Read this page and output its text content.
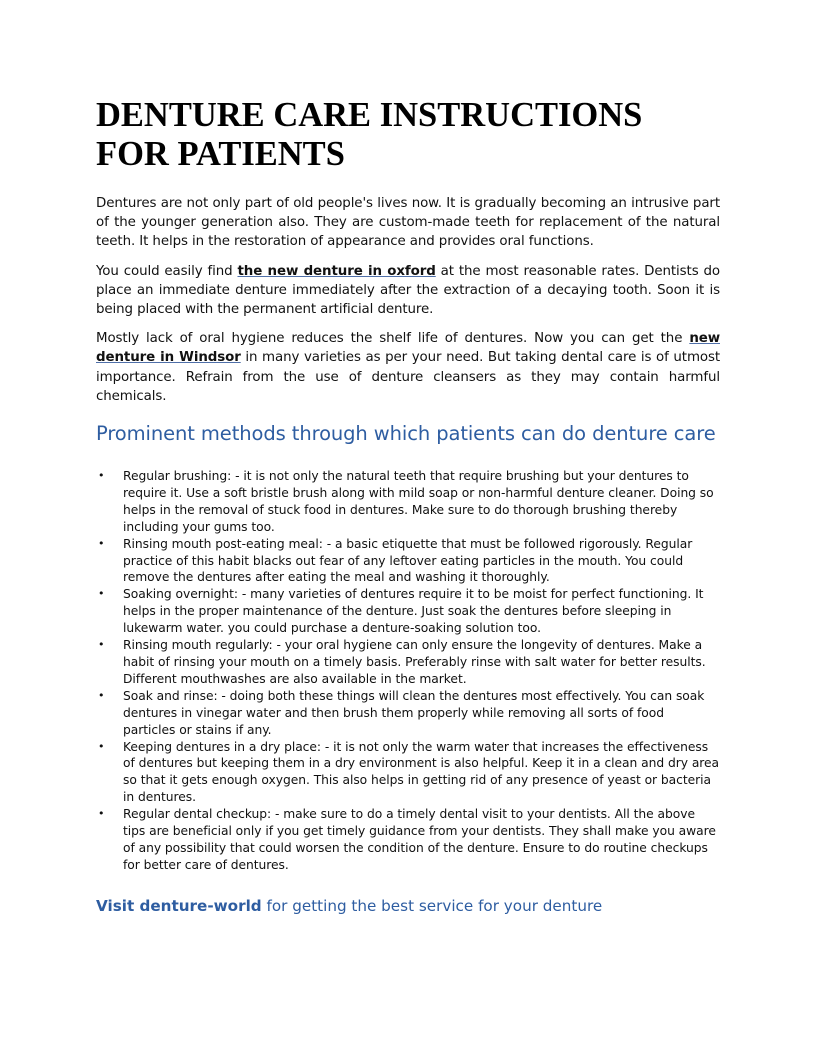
DENTURE CARE INSTRUCTIONS FOR PATIENTS

Dentures are not only part of old people's lives now. It is gradually becoming an intrusive part of the younger generation also. They are custom-made teeth for replacement of the natural teeth. It helps in the restoration of appearance and provides oral functions.

You could easily find the new denture in oxford at the most reasonable rates. Dentists do place an immediate denture immediately after the extraction of a decaying tooth. Soon it is being placed with the permanent artificial denture.

Mostly lack of oral hygiene reduces the shelf life of dentures. Now you can get the new denture in Windsor in many varieties as per your need. But taking dental care is of utmost importance. Refrain from the use of denture cleansers as they may contain harmful chemicals.

Prominent methods through which patients can do denture care
• Regular brushing: - it is not only the natural teeth that require brushing but your dentures to require it. Use a soft bristle brush along with mild soap or non-harmful denture cleaner. Doing so helps in the removal of stuck food in dentures. Make sure to do thorough brushing thereby including your gums too.
• Rinsing mouth post-eating meal: - a basic etiquette that must be followed rigorously. Regular practice of this habit blacks out fear of any leftover eating particles in the mouth. You could remove the dentures after eating the meal and washing it thoroughly.
• Soaking overnight: - many varieties of dentures require it to be moist for perfect functioning. It helps in the proper maintenance of the denture. Just soak the dentures before sleeping in lukewarm water. you could purchase a denture-soaking solution too.
• Rinsing mouth regularly: - your oral hygiene can only ensure the longevity of dentures. Make a habit of rinsing your mouth on a timely basis. Preferably rinse with salt water for better results. Different mouthwashes are also available in the market.
• Soak and rinse: - doing both these things will clean the dentures most effectively. You can soak dentures in vinegar water and then brush them properly while removing all sorts of food particles or stains if any.
• Keeping dentures in a dry place: - it is not only the warm water that increases the effectiveness of dentures but keeping them in a dry environment is also helpful. Keep it in a clean and dry area so that it gets enough oxygen. This also helps in getting rid of any presence of yeast or bacteria in dentures.
• Regular dental checkup: - make sure to do a timely dental visit to your dentists. All the above tips are beneficial only if you get timely guidance from your dentists. They shall make you aware of any possibility that could worsen the condition of the denture. Ensure to do routine checkups for better care of dentures.

Visit denture-world for getting the best service for your denture
